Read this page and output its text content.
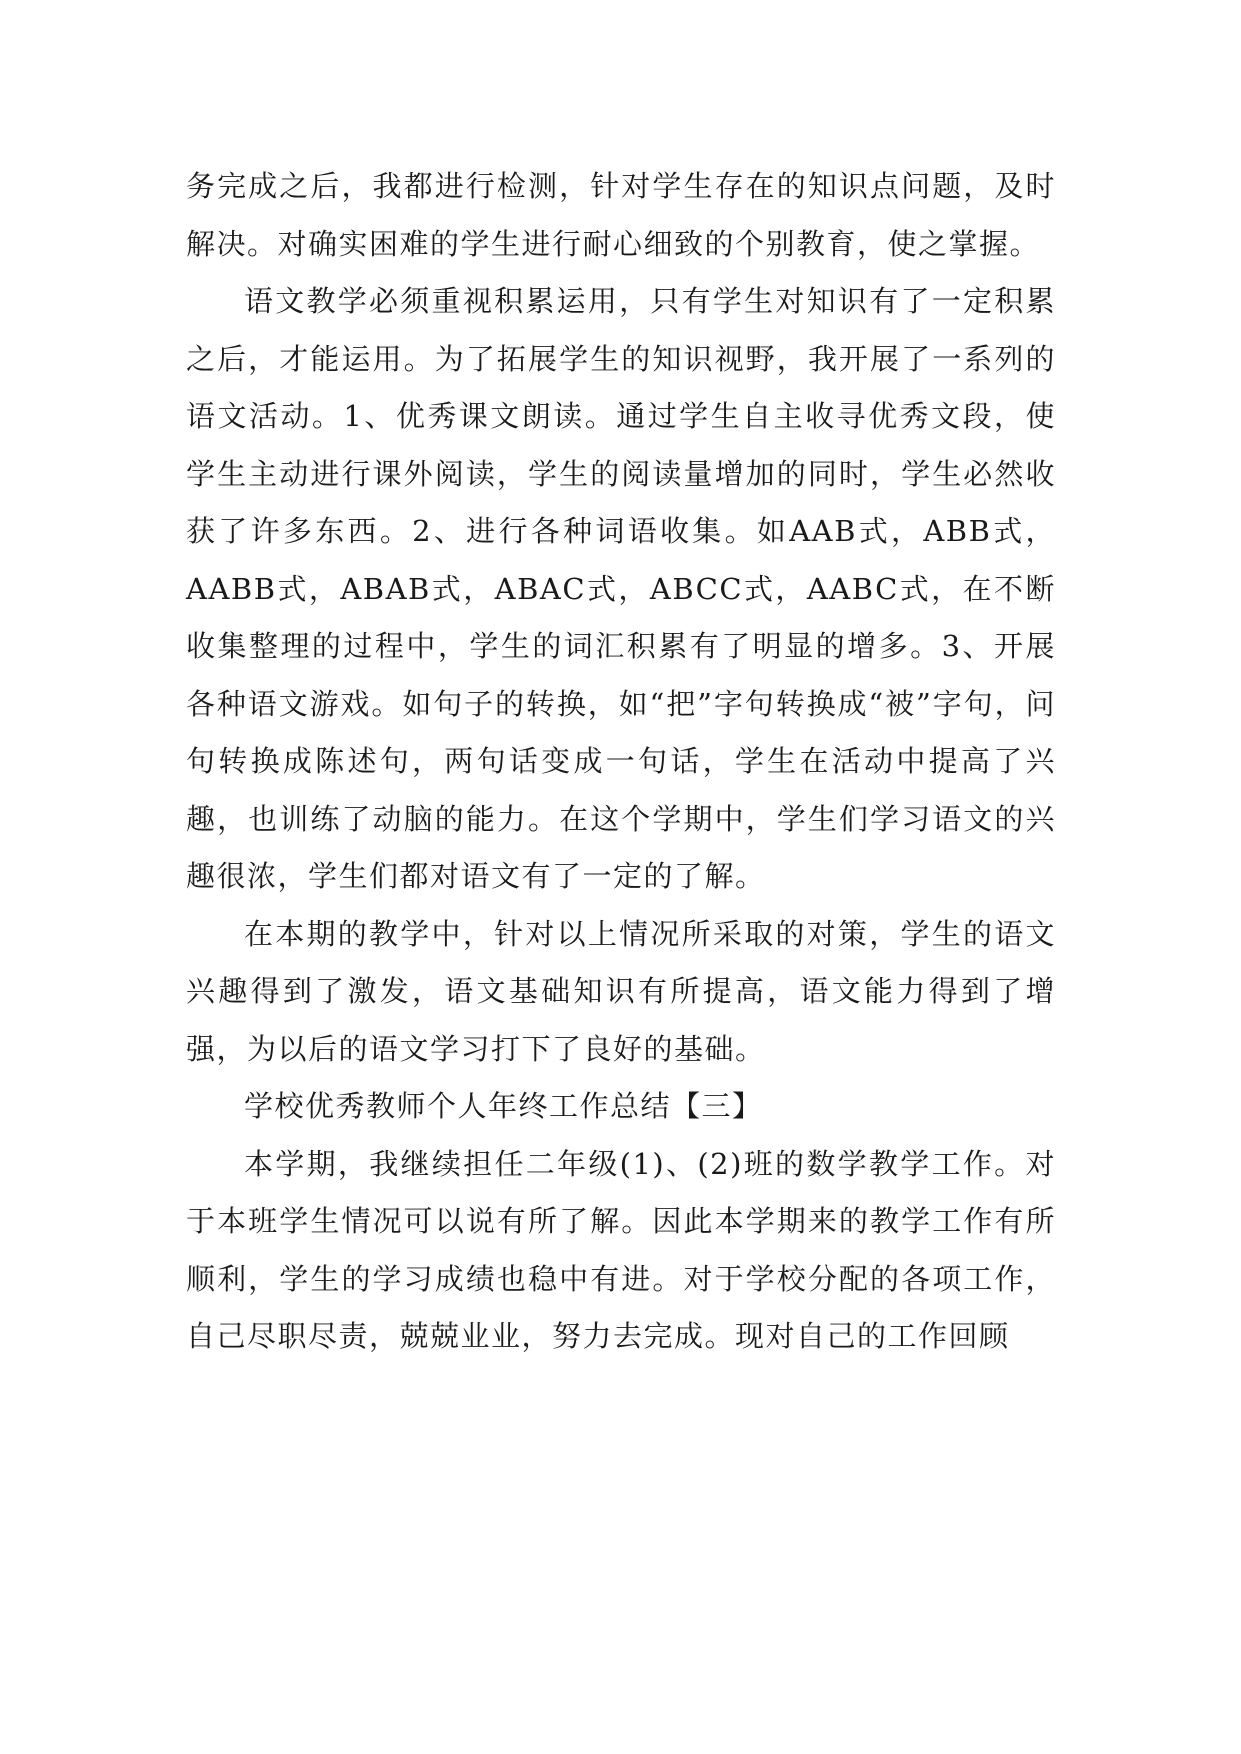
务完成之后，我都进行检测，针对学生存在的知识点问题，及时解决。对确实困难的学生进行耐心细致的个别教育，使之掌握。

语文教学必须重视积累运用，只有学生对知识有了一定积累之后，才能运用。为了拓展学生的知识视野，我开展了一系列的语文活动。1、优秀课文朗读。通过学生自主收寻优秀文段，使学生主动进行课外阅读，学生的阅读量增加的同时，学生必然收获了许多东西。2、进行各种词语收集。如AAB式，ABB式，AABB式，ABAB式，ABAC式，ABCC式，AABC式，在不断收集整理的过程中，学生的词汇积累有了明显的增多。3、开展各种语文游戏。如句子的转换，如“把”字句转换成“被”字句，问句转换成陈述句，两句话变成一句话，学生在活动中提高了兴趣，也训练了动脑的能力。在这个学期中，学生们学习语文的兴趣很浓，学生们都对语文有了一定的了解。

在本期的教学中，针对以上情况所采取的对策，学生的语文兴趣得到了激发，语文基础知识有所提高，语文能力得到了增强，为以后的语文学习打下了良好的基础。

学校优秀教师个人年终工作总结【三】

本学期，我继续担任二年级(1)、(2)班的数学教学工作。对于本班学生情况可以说有所了解。因此本学期来的教学工作有所顺利，学生的学习成绩也稳中有进。对于学校分配的各项工作，自己尽职尽责，兢兢业业，努力去完成。现对自己的工作回顾
